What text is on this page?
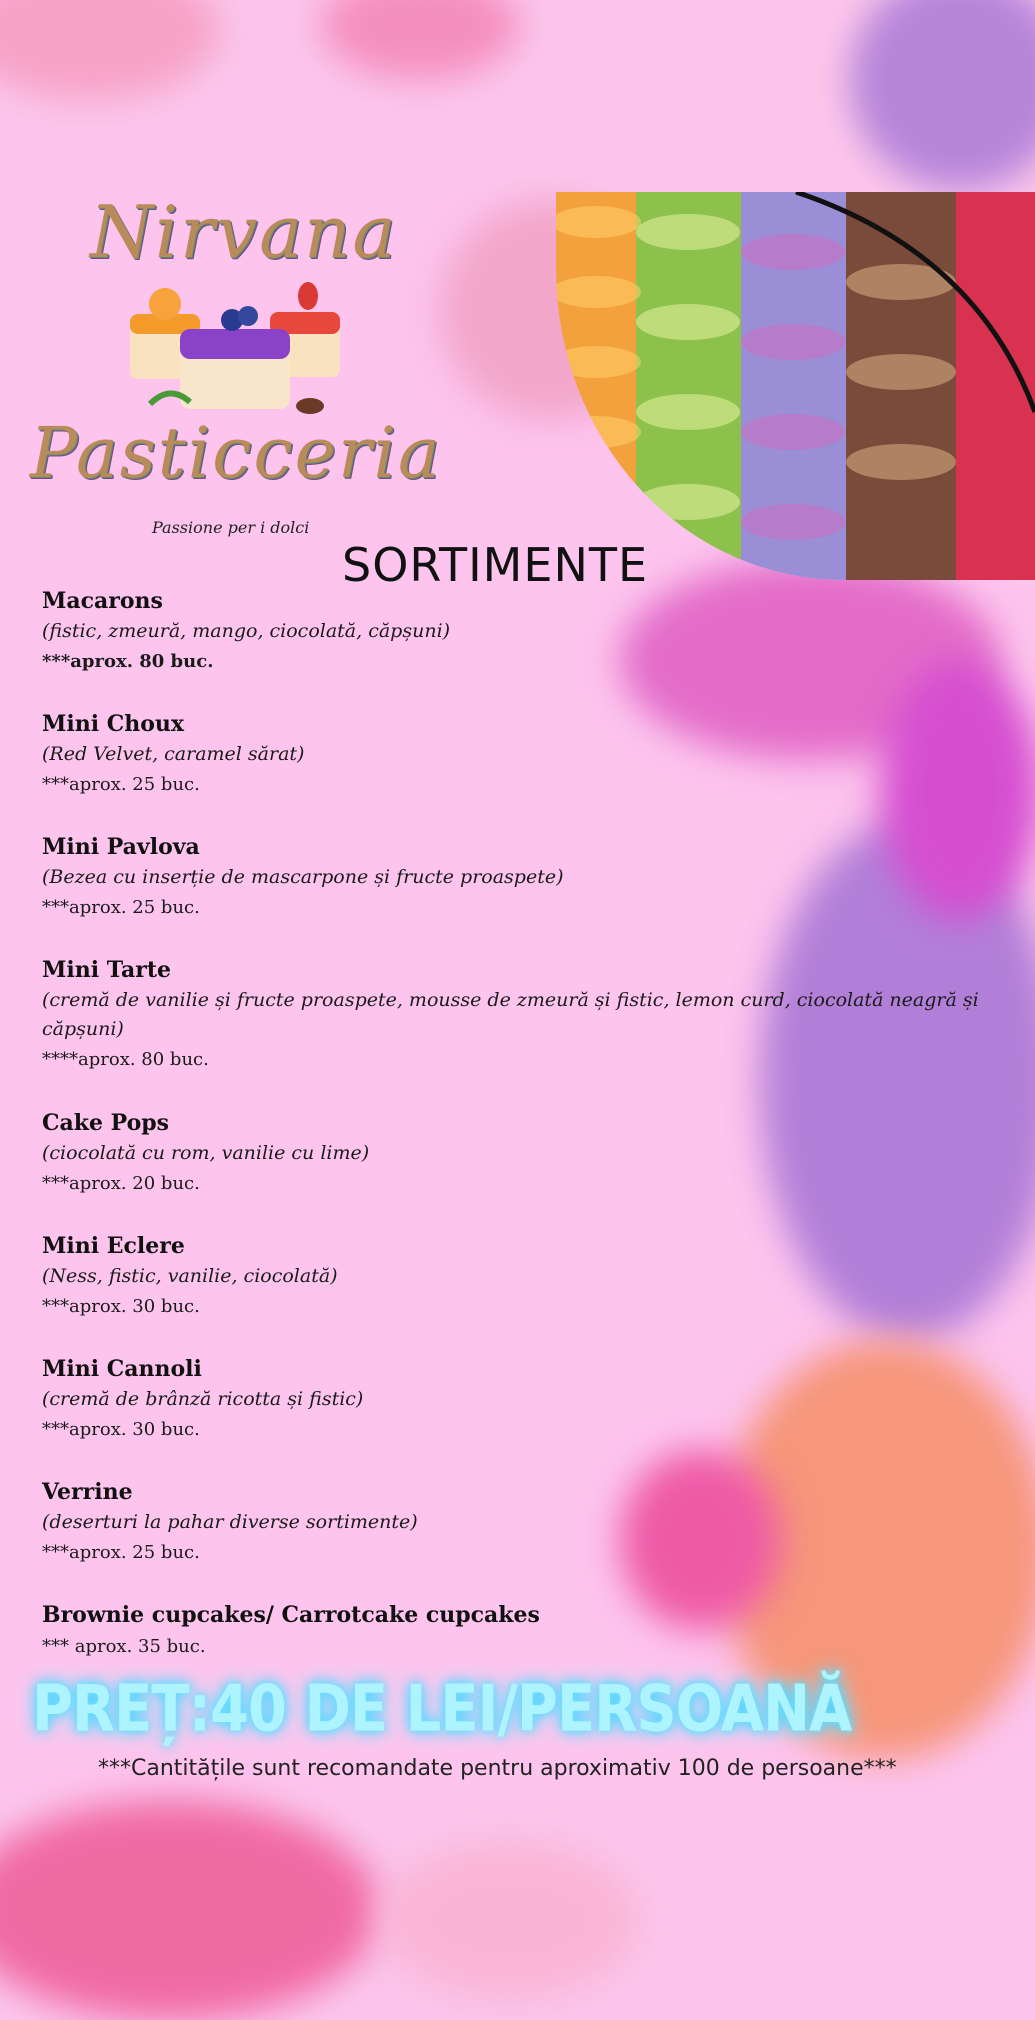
Nirvana
Pasticceria
Passione per i dolci
SORTIMENTE
Macarons
(fistic, zmeură, mango, ciocolată, căpșuni)
***aprox. 80 buc.
Mini Choux
(Red Velvet, caramel sărat)
***aprox. 25 buc.
Mini Pavlova
(Bezea cu inserție de mascarpone și fructe proaspete)
***aprox. 25 buc.
Mini Tarte
(cremă de vanilie și fructe proaspete, mousse de zmeură și fistic, lemon curd, ciocolată neagră și căpșuni)
****aprox. 80 buc.
Cake Pops
(ciocolată cu rom, vanilie cu lime)
***aprox. 20 buc.
Mini Eclere
(Ness, fistic, vanilie, ciocolată)
***aprox. 30 buc.
Mini Cannoli
(cremă de brânză ricotta și fistic)
***aprox. 30 buc.
Verrine
(deserturi la pahar diverse sortimente)
***aprox. 25 buc.
Brownie cupcakes/ Carrotcake cupcakes
*** aprox. 35 buc.
PREȚ:40 DE LEI/PERSOANĂ
***Cantitățile sunt recomandate pentru aproximativ 100 de persoane***
